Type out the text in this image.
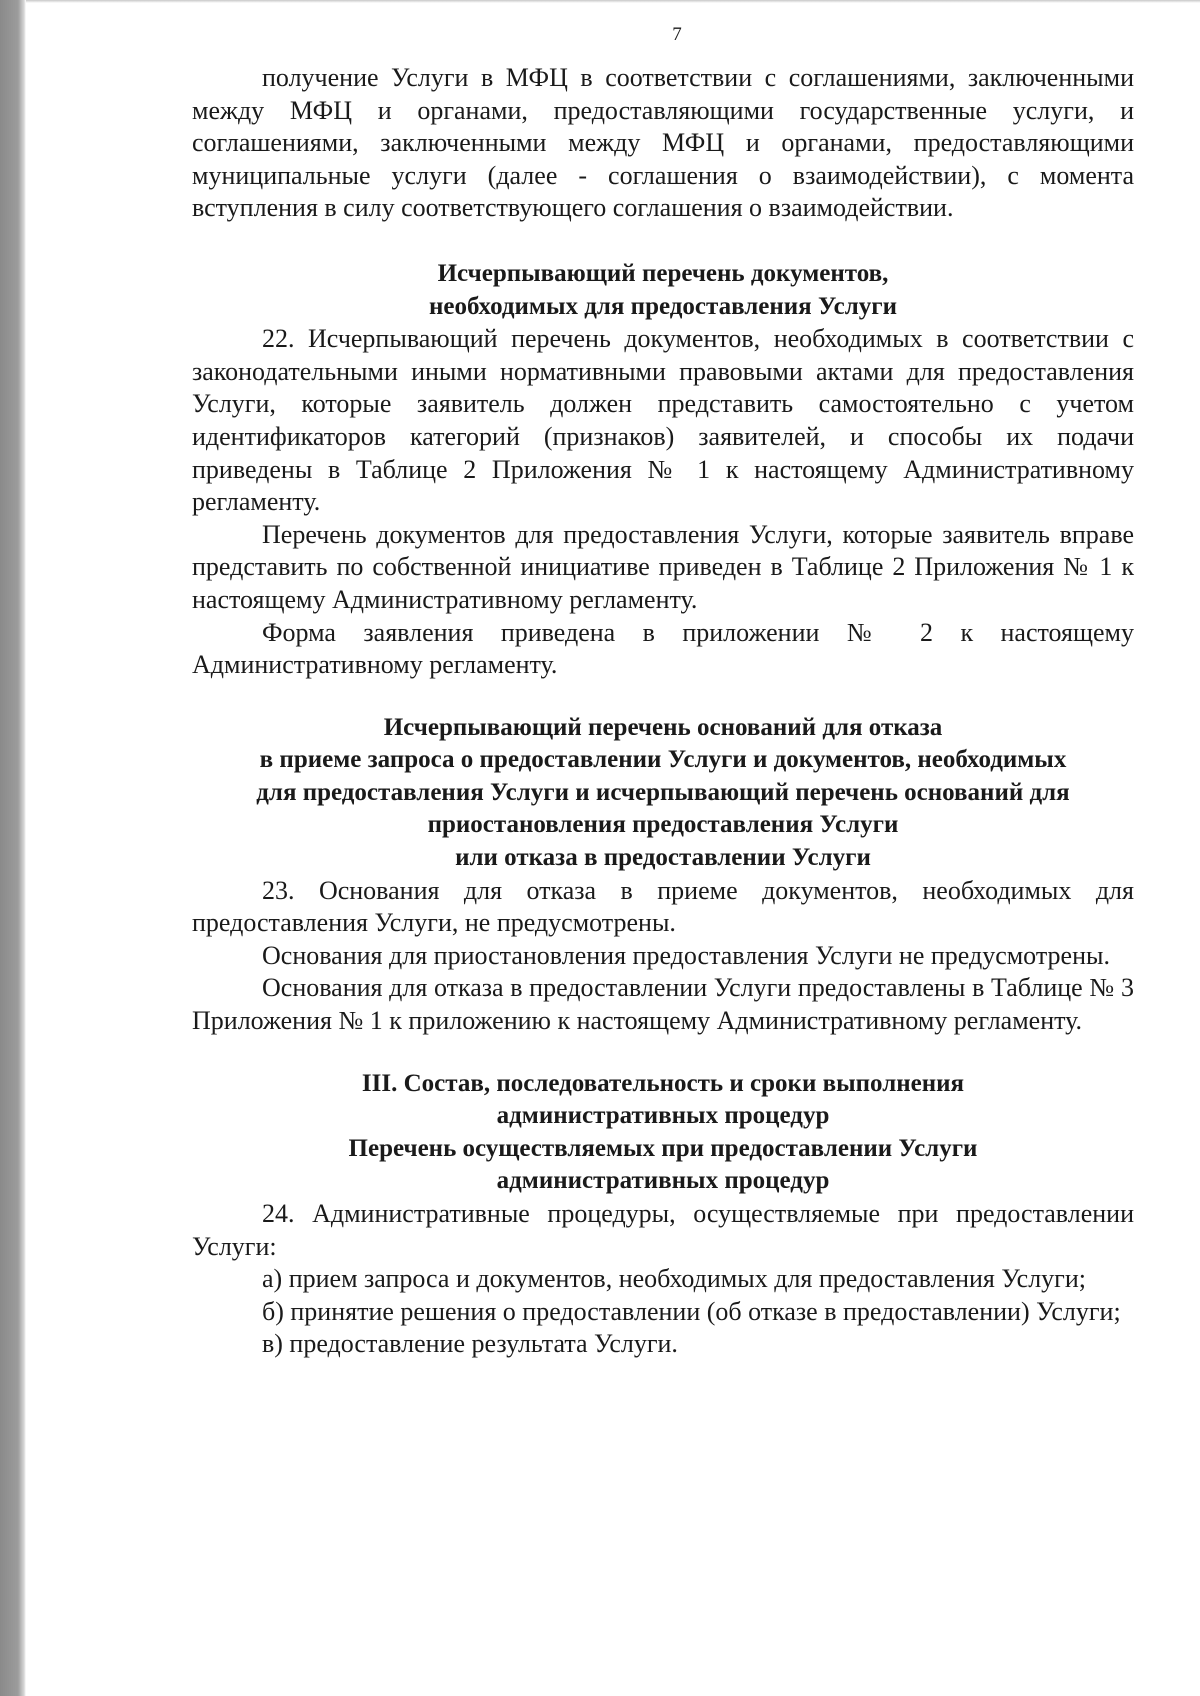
7

получение Услуги в МФЦ в соответствии с соглашениями, заключенными между МФЦ и органами, предоставляющими государственные услуги, и соглашениями, заключенными между МФЦ и органами, предоставляющими муниципальные услуги (далее - соглашения о взаимодействии), с момента вступления в силу соответствующего соглашения о взаимодействии.

Исчерпывающий перечень документов,
необходимых для предоставления Услуги

22. Исчерпывающий перечень документов, необходимых в соответствии с законодательными иными нормативными правовыми актами для предоставления Услуги, которые заявитель должен представить самостоятельно с учетом идентификаторов категорий (признаков) заявителей, и способы их подачи приведены в Таблице 2 Приложения № 1 к настоящему Административному регламенту.

Перечень документов для предоставления Услуги, которые заявитель вправе представить по собственной инициативе приведен в Таблице 2 Приложения № 1 к настоящему Административному регламенту.

Форма заявления приведена в приложении № 2 к настоящему Административному регламенту.

Исчерпывающий перечень оснований для отказа
в приеме запроса о предоставлении Услуги и документов, необходимых
для предоставления Услуги и исчерпывающий перечень оснований для
приостановления предоставления Услуги
или отказа в предоставлении Услуги

23. Основания для отказа в приеме документов, необходимых для предоставления Услуги, не предусмотрены.

Основания для приостановления предоставления Услуги не предусмотрены.

Основания для отказа в предоставлении Услуги предоставлены в Таблице № 3 Приложения № 1 к приложению к настоящему Административному регламенту.

III. Состав, последовательность и сроки выполнения
административных процедур
Перечень осуществляемых при предоставлении Услуги
административных процедур

24. Административные процедуры, осуществляемые при предоставлении Услуги:

а) прием запроса и документов, необходимых для предоставления Услуги;

б) принятие решения о предоставлении (об отказе в предоставлении) Услуги;

в) предоставление результата Услуги.
